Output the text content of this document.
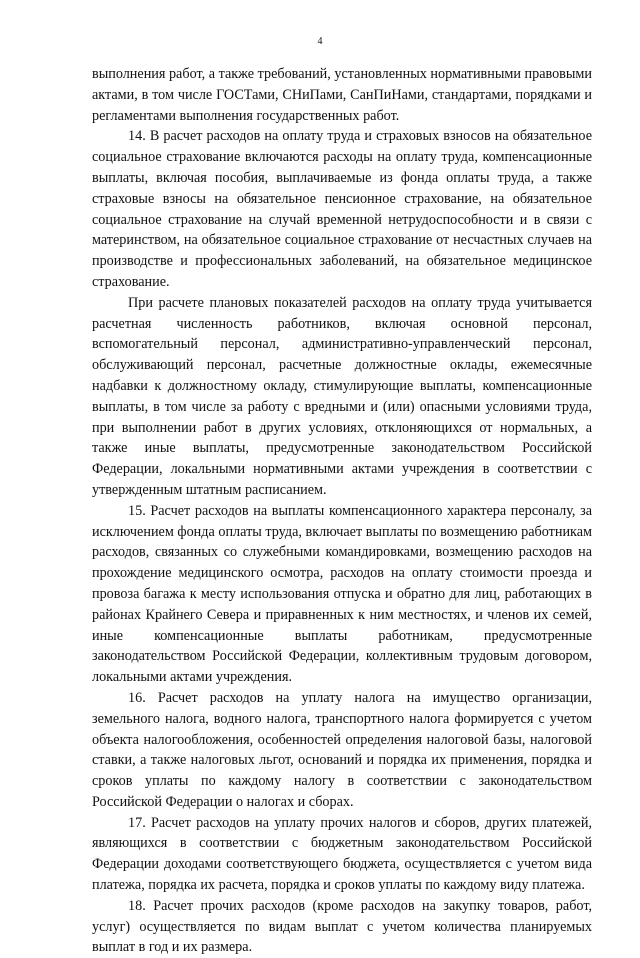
4

выполнения работ, а также требований, установленных нормативными правовыми актами, в том числе ГОСТами, СНиПами, СанПиНами, стандартами, порядками и регламентами выполнения государственных работ.

14. В расчет расходов на оплату труда и страховых взносов на обязательное социальное страхование включаются расходы на оплату труда, компенсационные выплаты, включая пособия, выплачиваемые из фонда оплаты труда, а также страховые взносы на обязательное пенсионное страхование, на обязательное социальное страхование на случай временной нетрудоспособности и в связи с материнством, на обязательное социальное страхование от несчастных случаев на производстве и профессиональных заболеваний, на обязательное медицинское страхование.

При расчете плановых показателей расходов на оплату труда учитывается расчетная численность работников, включая основной персонал, вспомогательный персонал, административно-управленческий персонал, обслуживающий персонал, расчетные должностные оклады, ежемесячные надбавки к должностному окладу, стимулирующие выплаты, компенсационные выплаты, в том числе за работу с вредными и (или) опасными условиями труда, при выполнении работ в других условиях, отклоняющихся от нормальных, а также иные выплаты, предусмотренные законодательством Российской Федерации, локальными нормативными актами учреждения в соответствии с утвержденным штатным расписанием.

15. Расчет расходов на выплаты компенсационного характера персоналу, за исключением фонда оплаты труда, включает выплаты по возмещению работникам расходов, связанных со служебными командировками, возмещению расходов на прохождение медицинского осмотра, расходов на оплату стоимости проезда и провоза багажа к месту использования отпуска и обратно для лиц, работающих в районах Крайнего Севера и приравненных к ним местностях, и членов их семей, иные компенсационные выплаты работникам, предусмотренные законодательством Российской Федерации, коллективным трудовым договором, локальными актами учреждения.

16. Расчет расходов на уплату налога на имущество организации, земельного налога, водного налога, транспортного налога формируется с учетом объекта налогообложения, особенностей определения налоговой базы, налоговой ставки, а также налоговых льгот, оснований и порядка их применения, порядка и сроков уплаты по каждому налогу в соответствии с законодательством Российской Федерации о налогах и сборах.

17. Расчет расходов на уплату прочих налогов и сборов, других платежей, являющихся в соответствии с бюджетным законодательством Российской Федерации доходами соответствующего бюджета, осуществляется с учетом вида платежа, порядка их расчета, порядка и сроков уплаты по каждому виду платежа.

18. Расчет прочих расходов (кроме расходов на закупку товаров, работ, услуг) осуществляется по видам выплат с учетом количества планируемых выплат в год и их размера.
